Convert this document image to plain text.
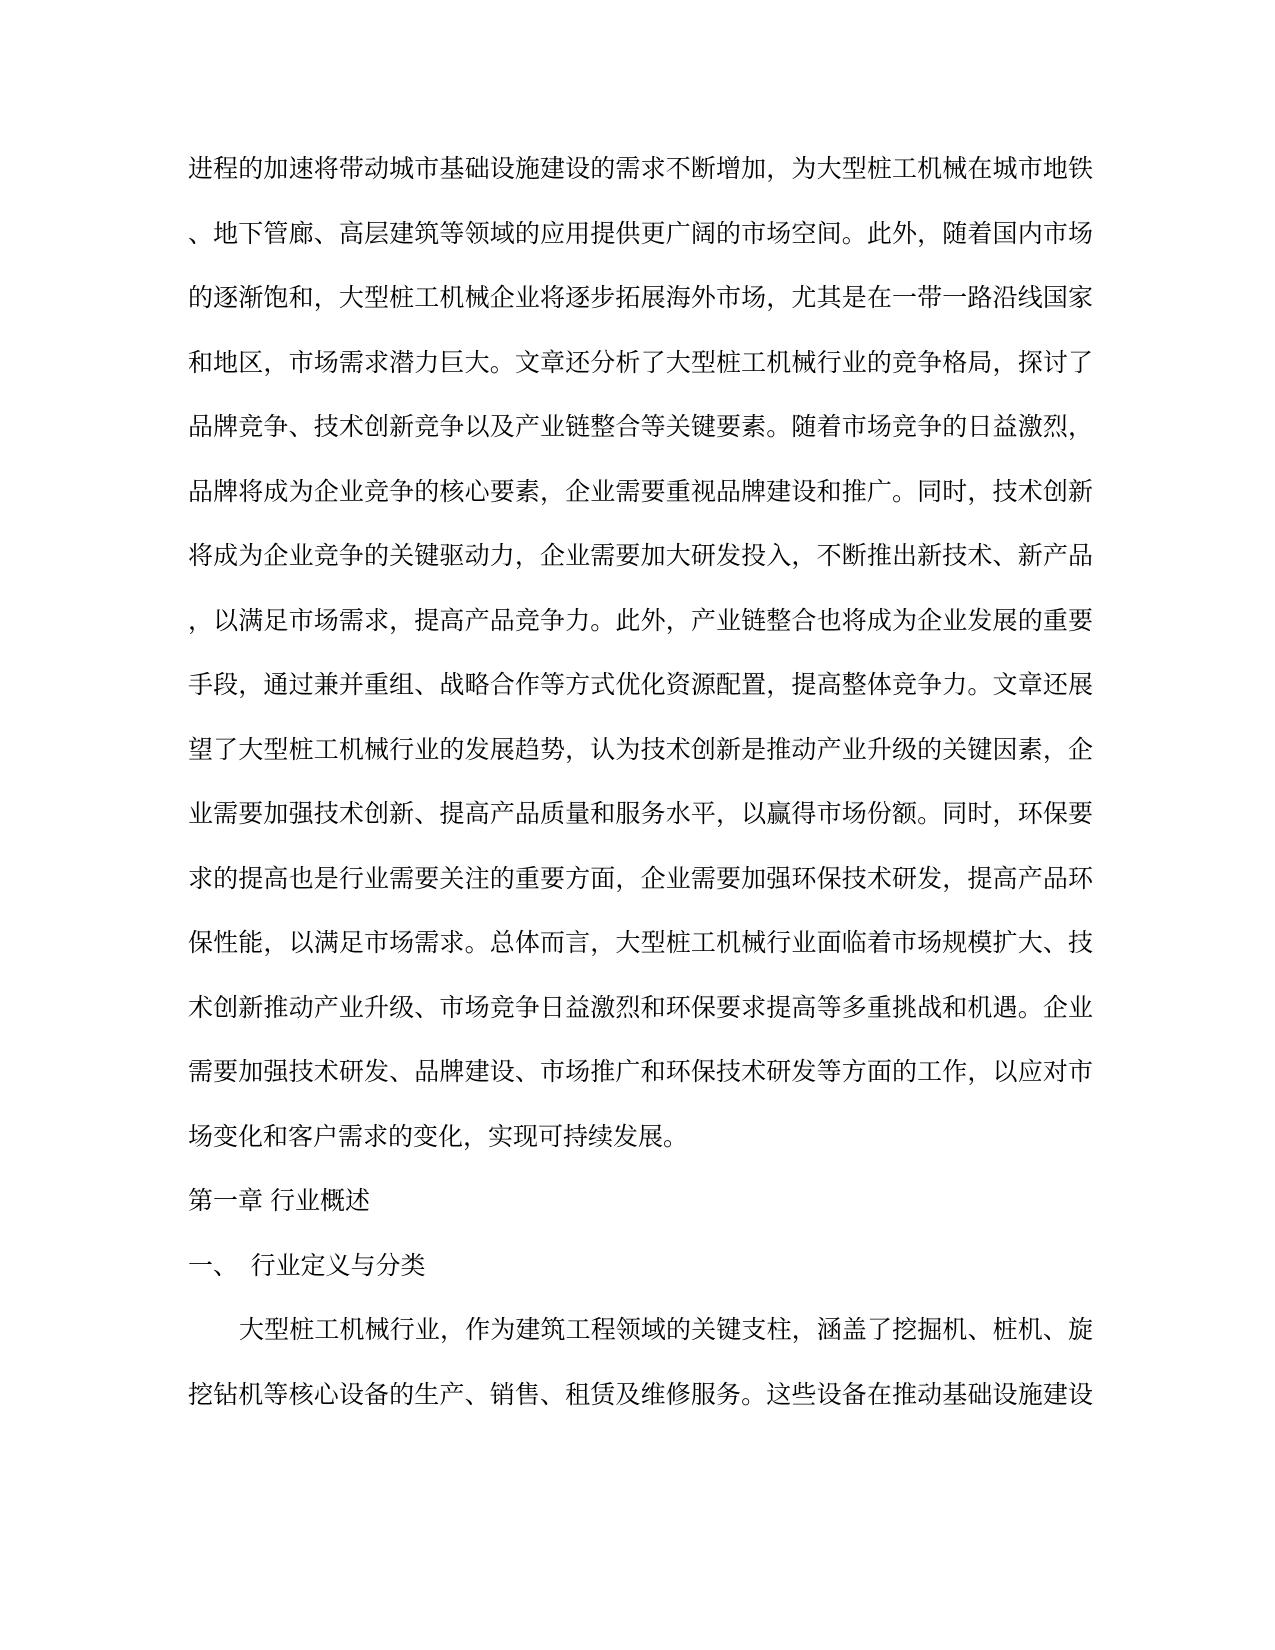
进程的加速将带动城市基础设施建设的需求不断增加，为大型桩工机械在城市地铁
、地下管廊、高层建筑等领域的应用提供更广阔的市场空间。此外，随着国内市场
的逐渐饱和，大型桩工机械企业将逐步拓展海外市场，尤其是在一带一路沿线国家
和地区，市场需求潜力巨大。文章还分析了大型桩工机械行业的竞争格局，探讨了
品牌竞争、技术创新竞争以及产业链整合等关键要素。随着市场竞争的日益激烈，
品牌将成为企业竞争的核心要素，企业需要重视品牌建设和推广。同时，技术创新
将成为企业竞争的关键驱动力，企业需要加大研发投入，不断推出新技术、新产品
，以满足市场需求，提高产品竞争力。此外，产业链整合也将成为企业发展的重要
手段，通过兼并重组、战略合作等方式优化资源配置，提高整体竞争力。文章还展
望了大型桩工机械行业的发展趋势，认为技术创新是推动产业升级的关键因素，企
业需要加强技术创新、提高产品质量和服务水平，以赢得市场份额。同时，环保要
求的提高也是行业需要关注的重要方面，企业需要加强环保技术研发，提高产品环
保性能，以满足市场需求。总体而言，大型桩工机械行业面临着市场规模扩大、技
术创新推动产业升级、市场竞争日益激烈和环保要求提高等多重挑战和机遇。企业
需要加强技术研发、品牌建设、市场推广和环保技术研发等方面的工作，以应对市
场变化和客户需求的变化，实现可持续发展。
第一章 行业概述
一、　行业定义与分类
大型桩工机械行业，作为建筑工程领域的关键支柱，涵盖了挖掘机、桩机、旋
挖钻机等核心设备的生产、销售、租赁及维修服务。这些设备在推动基础设施建设
